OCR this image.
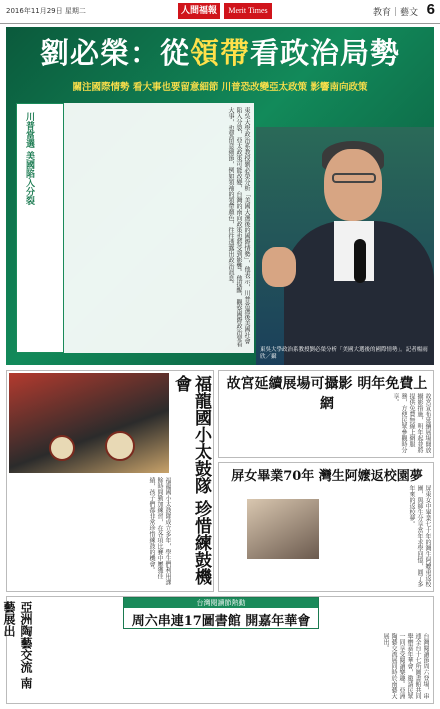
2016年11月29日 星期二	人間福報	Merit Times	教育｜藝文 6
劉必榮：從領帶看政治局勢
關注國際情勢 看大事也要留意細節 川普恐改變亞太政策 影響南向政策
東吳大學政治系教授劉必榮分析「美國大選後的國際情勢」，他表示，川普當選後美國社會陷入分裂，亞太政策可能改變，台灣的南向政策也將受到影響。他提醒，觀察國際政治要看大事，也要留意細節，例如領袖的領帶顏色，往往透露出政治訊息。
川普當選 美國陷入分裂
東吳大學政治系教授劉必榮分析「美國大選後的國際情勢」。記者楊雨欣／攝
福龍國小太鼓隊 珍惜練鼓機會
福龍國小太鼓隊成立多年，學生們利用課餘時間勤加練習，在各項比賽中屢獲佳績，孩子們都非常珍惜練鼓的機會。
故宮延續展場可攝影 明年免費上網	故宮宣布延續展場開放攝影措施，明年起並將提供免費無線上網服務，方便民眾參觀時分享。
屏女畢業70年 灣生阿嬤返校園夢
屏東女中畢業七十年的灣生阿嬤重返校園，與師生分享當年求學回憶，圓了多年來的返校夢。
亞洲陶藝交流 南藝展出	台灣閱讀節熱動
周六串連17圖書館 開嘉年華會
台灣閱讀節周六登場，串連全台十七所圖書館共同舉辦嘉年華會，邀請民眾一同享受閱讀樂趣。亞洲陶藝交流展同時於南藝大展出。
